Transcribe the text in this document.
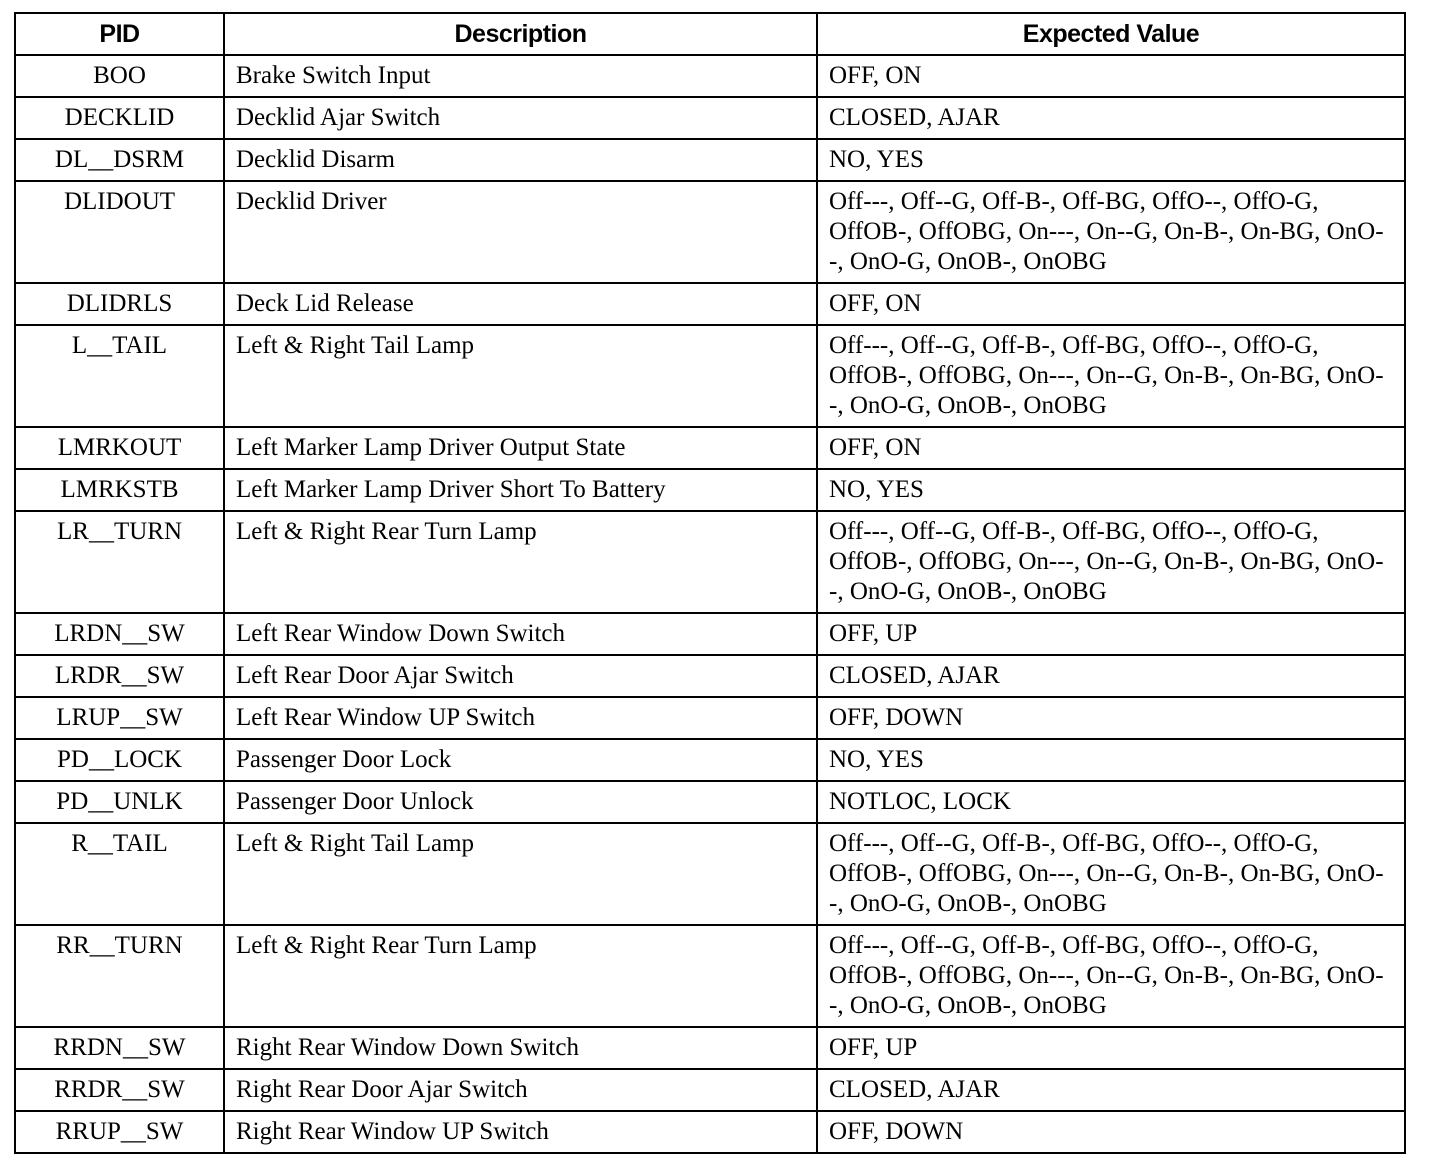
PID	Description	Expected Value
BOO	Brake Switch Input	OFF, ON
DECKLID	Decklid Ajar Switch	CLOSED, AJAR
DL__DSRM	Decklid Disarm	NO, YES
DLIDOUT	Decklid Driver	Off---, Off--G, Off-B-, Off-BG, OffO--, OffO-G, OffOB-, OffOBG, On---, On--G, On-B-, On-BG, OnO--, OnO-G, OnOB-, OnOBG
DLIDRLS	Deck Lid Release	OFF, ON
L__TAIL	Left & Right Tail Lamp	Off---, Off--G, Off-B-, Off-BG, OffO--, OffO-G, OffOB-, OffOBG, On---, On--G, On-B-, On-BG, OnO--, OnO-G, OnOB-, OnOBG
LMRKOUT	Left Marker Lamp Driver Output State	OFF, ON
LMRKSTB	Left Marker Lamp Driver Short To Battery	NO, YES
LR__TURN	Left & Right Rear Turn Lamp	Off---, Off--G, Off-B-, Off-BG, OffO--, OffO-G, OffOB-, OffOBG, On---, On--G, On-B-, On-BG, OnO--, OnO-G, OnOB-, OnOBG
LRDN__SW	Left Rear Window Down Switch	OFF, UP
LRDR__SW	Left Rear Door Ajar Switch	CLOSED, AJAR
LRUP__SW	Left Rear Window UP Switch	OFF, DOWN
PD__LOCK	Passenger Door Lock	NO, YES
PD__UNLK	Passenger Door Unlock	NOTLOC, LOCK
R__TAIL	Left & Right Tail Lamp	Off---, Off--G, Off-B-, Off-BG, OffO--, OffO-G, OffOB-, OffOBG, On---, On--G, On-B-, On-BG, OnO--, OnO-G, OnOB-, OnOBG
RR__TURN	Left & Right Rear Turn Lamp	Off---, Off--G, Off-B-, Off-BG, OffO--, OffO-G, OffOB-, OffOBG, On---, On--G, On-B-, On-BG, OnO--, OnO-G, OnOB-, OnOBG
RRDN__SW	Right Rear Window Down Switch	OFF, UP
RRDR__SW	Right Rear Door Ajar Switch	CLOSED, AJAR
RRUP__SW	Right Rear Window UP Switch	OFF, DOWN
